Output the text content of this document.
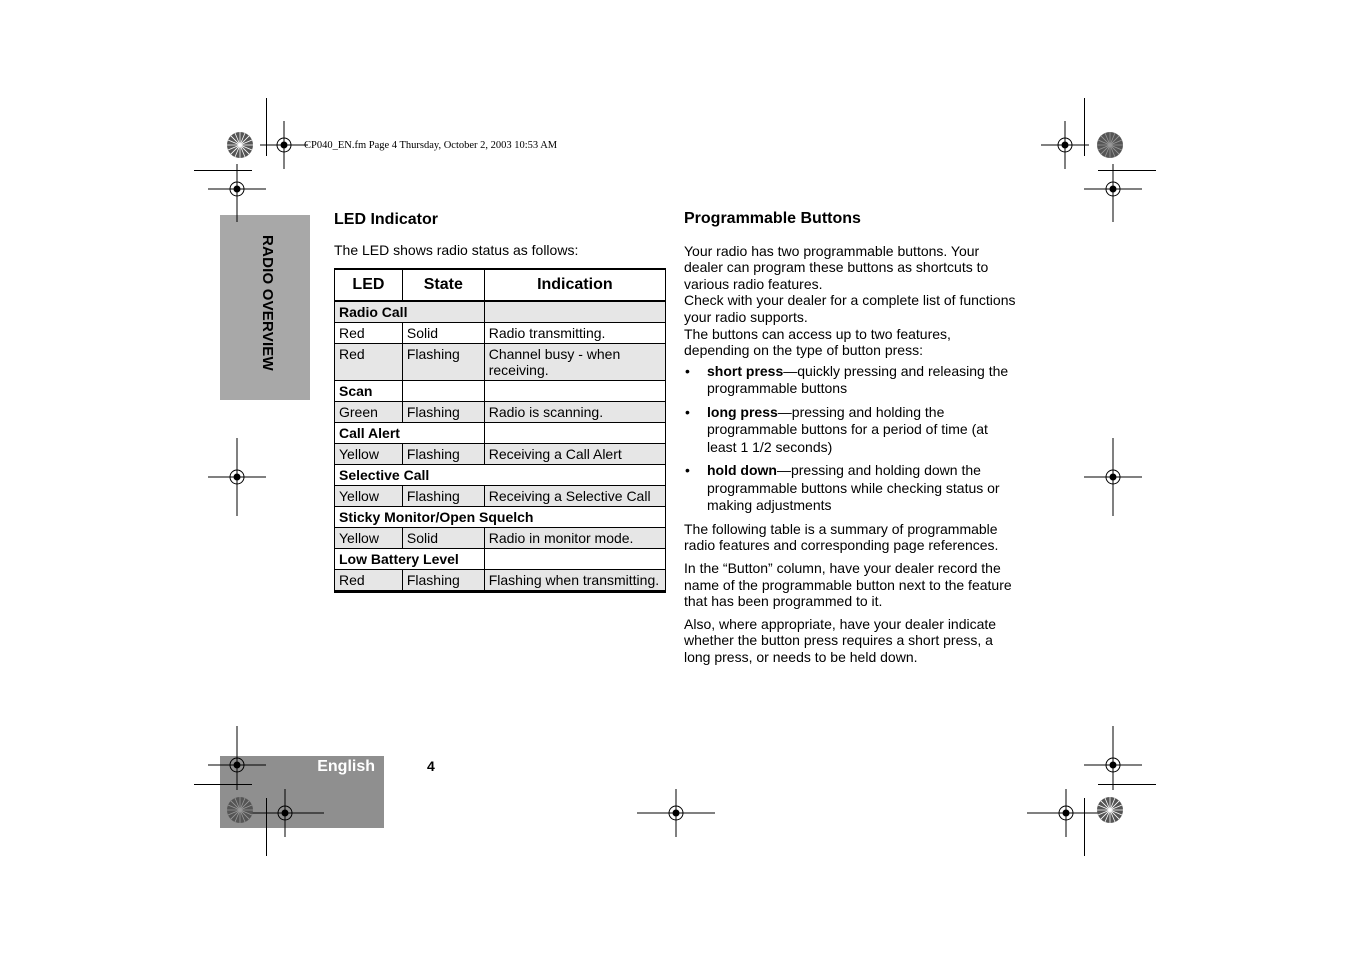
CP040_EN.fm Page 4 Thursday, October 2, 2003 10:53 AM
RADIO OVERVIEW
LED Indicator
The LED shows radio status as follows:
LED	State	Indication
Radio Call		
Red	Solid	Radio transmitting.
Red	Flashing	Channel busy - when receiving.
Scan		
Green	Flashing	Radio is scanning.
Call Alert		
Yellow	Flashing	Receiving a Call Alert
Selective Call		
Yellow	Flashing	Receiving a Selective Call
Sticky Monitor/Open Squelch		
Yellow	Solid	Radio in monitor mode.
Low Battery Level		
Red	Flashing	Flashing when transmitting.
Programmable Buttons

Your radio has two programmable buttons. Your dealer can program these buttons as shortcuts to various radio features.

Check with your dealer for a complete list of functions your radio supports.

The buttons can access up to two features, depending on the type of button press:

• short press—quickly pressing and releasing the programmable buttons
• long press—pressing and holding the programmable buttons for a period of time (at least 1 1/2 seconds)
• hold down—pressing and holding down the programmable buttons while checking status or making adjustments

The following table is a summary of programmable radio features and corresponding page references.

In the “Button” column, have your dealer record the name of the programmable button next to the feature that has been programmed to it.

Also, where appropriate, have your dealer indicate whether the button press requires a short press, a long press, or needs to be held down.

English	4
